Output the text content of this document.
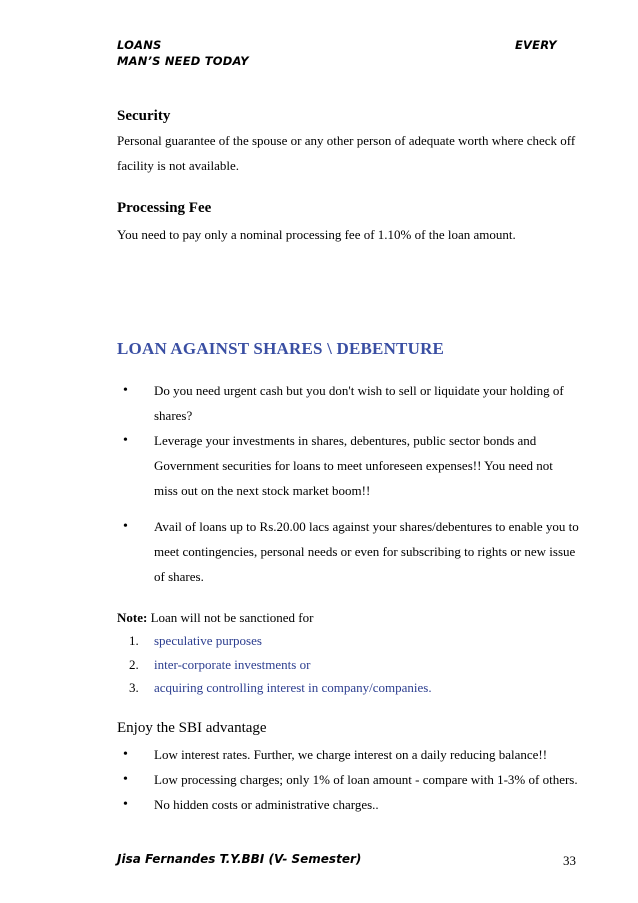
LOANS	EVERY
MAN’S NEED TODAY
Security
Personal guarantee of the spouse or any other person of adequate worth where check off
facility is not available.
Processing Fee
You need to pay only a nominal processing fee of 1.10% of the loan amount.
LOAN AGAINST SHARES \ DEBENTURE
• Do you need urgent cash but you don't wish to sell or liquidate your holding of
shares?
• Leverage your investments in shares, debentures, public sector bonds and
Government securities for loans to meet unforeseen expenses!! You need not
miss out on the next stock market boom!!
• Avail of loans up to Rs.20.00 lacs against your shares/debentures to enable you to
meet contingencies, personal needs or even for subscribing to rights or new issue
of shares.
Note: Loan will not be sanctioned for
1. speculative purposes
2. inter-corporate investments or
3. acquiring controlling interest in company/companies.
Enjoy the SBI advantage
• Low interest rates. Further, we charge interest on a daily reducing balance!!
• Low processing charges; only 1% of loan amount - compare with 1-3% of others.
• No hidden costs or administrative charges..
Jisa Fernandes T.Y.BBI (V- Semester)	33
